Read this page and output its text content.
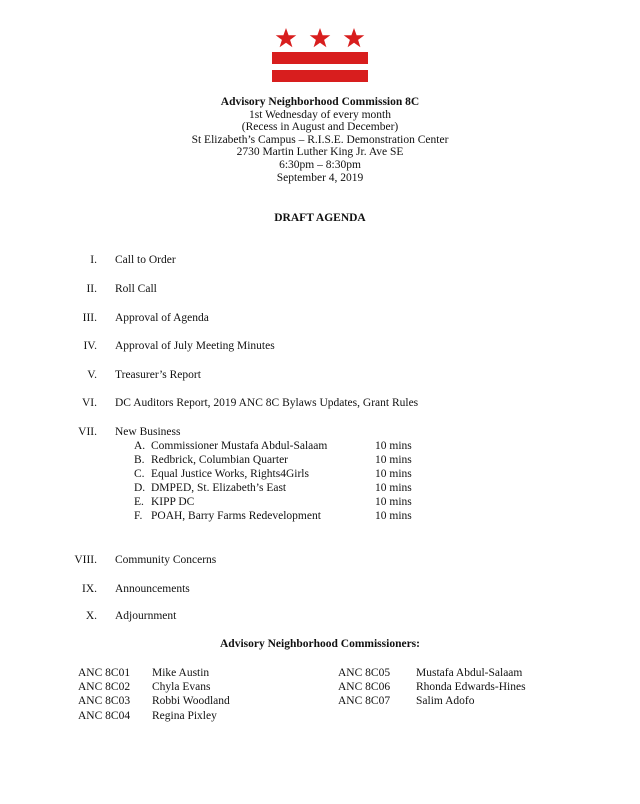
Advisory Neighborhood Commission 8C
1st Wednesday of every month
(Recess in August and December)
St Elizabeth’s Campus – R.I.S.E. Demonstration Center
2730 Martin Luther King Jr. Ave SE
6:30pm – 8:30pm
September 4, 2019
DRAFT AGENDA
I. Call to Order
II. Roll Call
III. Approval of Agenda
IV. Approval of July Meeting Minutes
V. Treasurer’s Report
VI. DC Auditors Report, 2019 ANC 8C Bylaws Updates, Grant Rules
VII. New Business
A. Commissioner Mustafa Abdul-Salaam	10 mins
B. Redbrick, Columbian Quarter	10 mins
C. Equal Justice Works, Rights4Girls	10 mins
D. DMPED, St. Elizabeth’s East	10 mins
E. KIPP DC	10 mins
F. POAH, Barry Farms Redevelopment	10 mins
VIII. Community Concerns
IX. Announcements
X. Adjournment
Advisory Neighborhood Commissioners:
ANC 8C01 Mike Austin
ANC 8C02 Chyla Evans
ANC 8C03 Robbi Woodland
ANC 8C04 Regina Pixley
ANC 8C05 Mustafa Abdul-Salaam
ANC 8C06 Rhonda Edwards-Hines
ANC 8C07 Salim Adofo
